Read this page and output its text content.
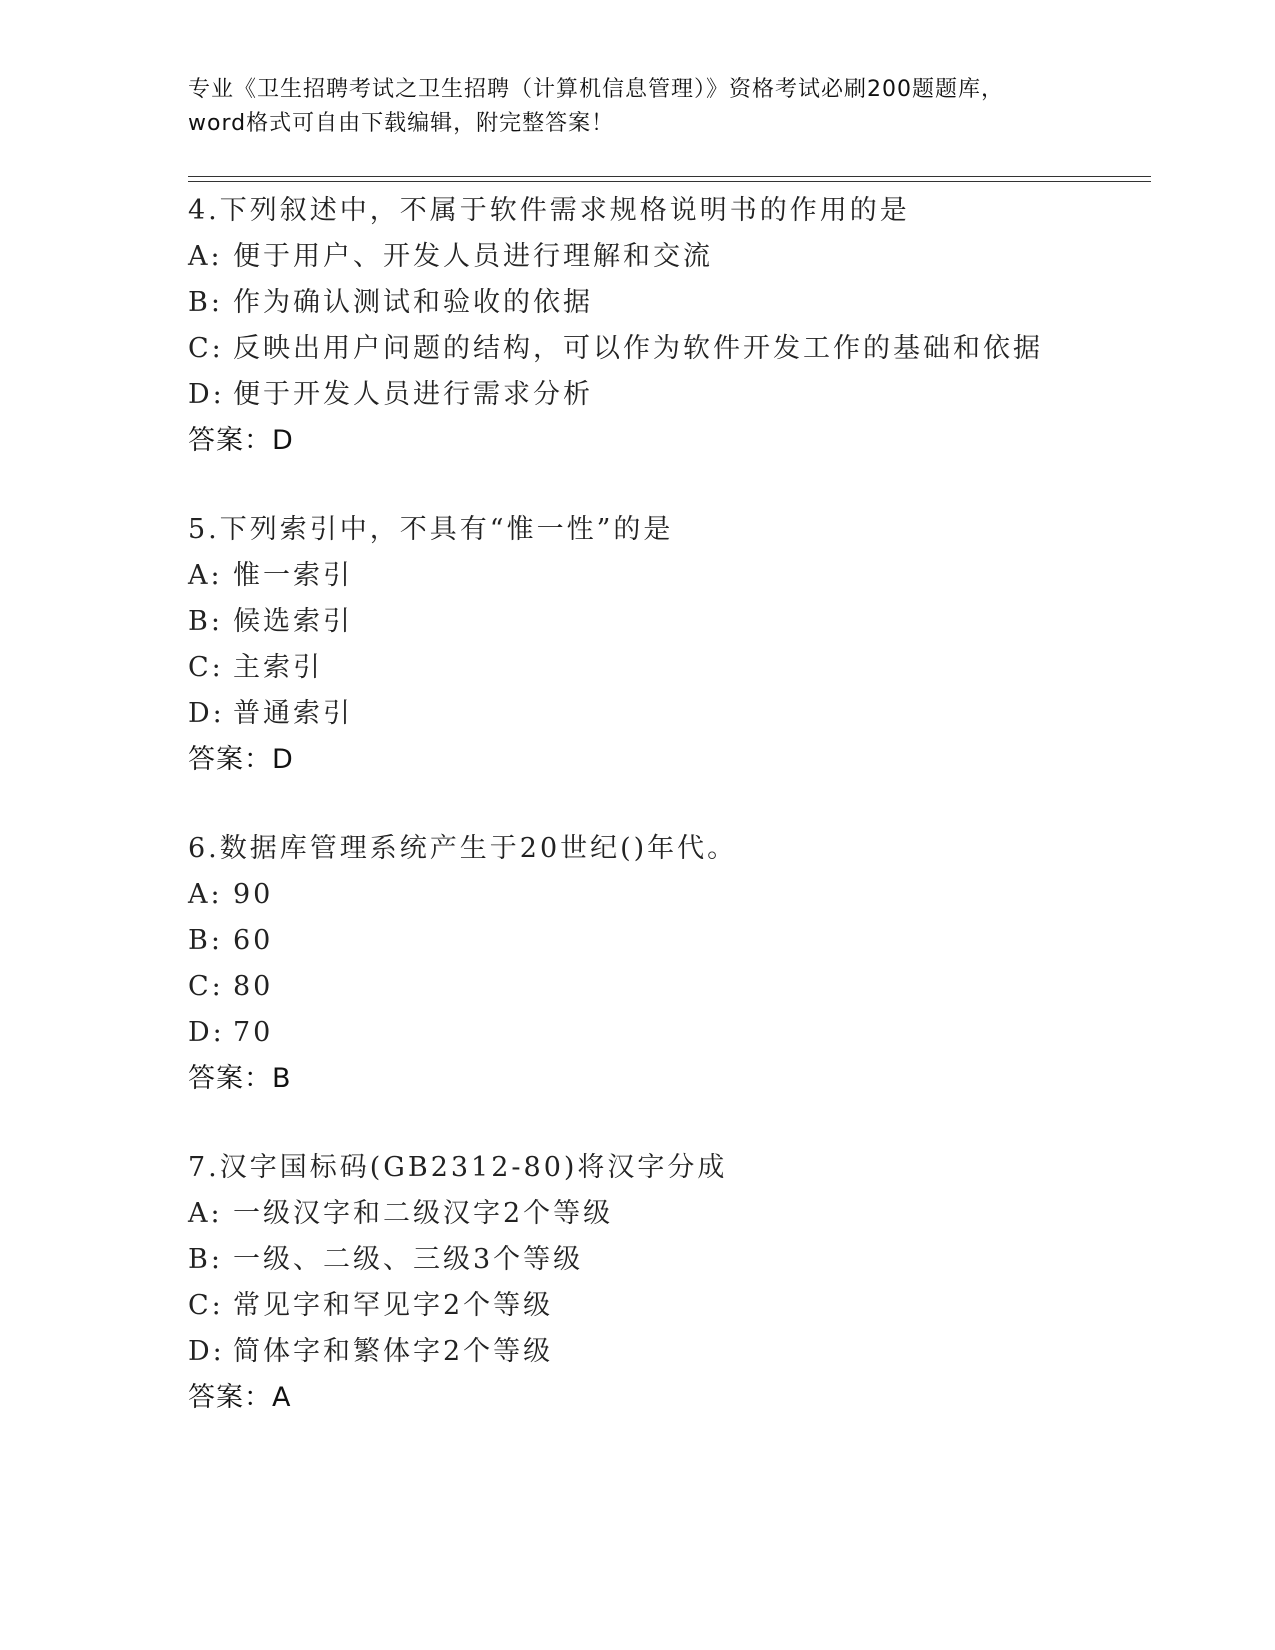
专业《卫生招聘考试之卫生招聘（计算机信息管理）》资格考试必刷200题题库，
word格式可自由下载编辑，附完整答案！
4.下列叙述中，不属于软件需求规格说明书的作用的是
A: 便于用户、开发人员进行理解和交流
B: 作为确认测试和验收的依据
C: 反映出用户问题的结构，可以作为软件开发工作的基础和依据
D: 便于开发人员进行需求分析
答案：D
5.下列索引中，不具有“惟一性”的是
A: 惟一索引
B: 候选索引
C: 主索引
D: 普通索引
答案：D
6.数据库管理系统产生于20世纪()年代。
A: 90
B: 60
C: 80
D: 70
答案：B
7.汉字国标码(GB2312-80)将汉字分成
A: 一级汉字和二级汉字2个等级
B: 一级、二级、三级3个等级
C: 常见字和罕见字2个等级
D: 简体字和繁体字2个等级
答案：A
